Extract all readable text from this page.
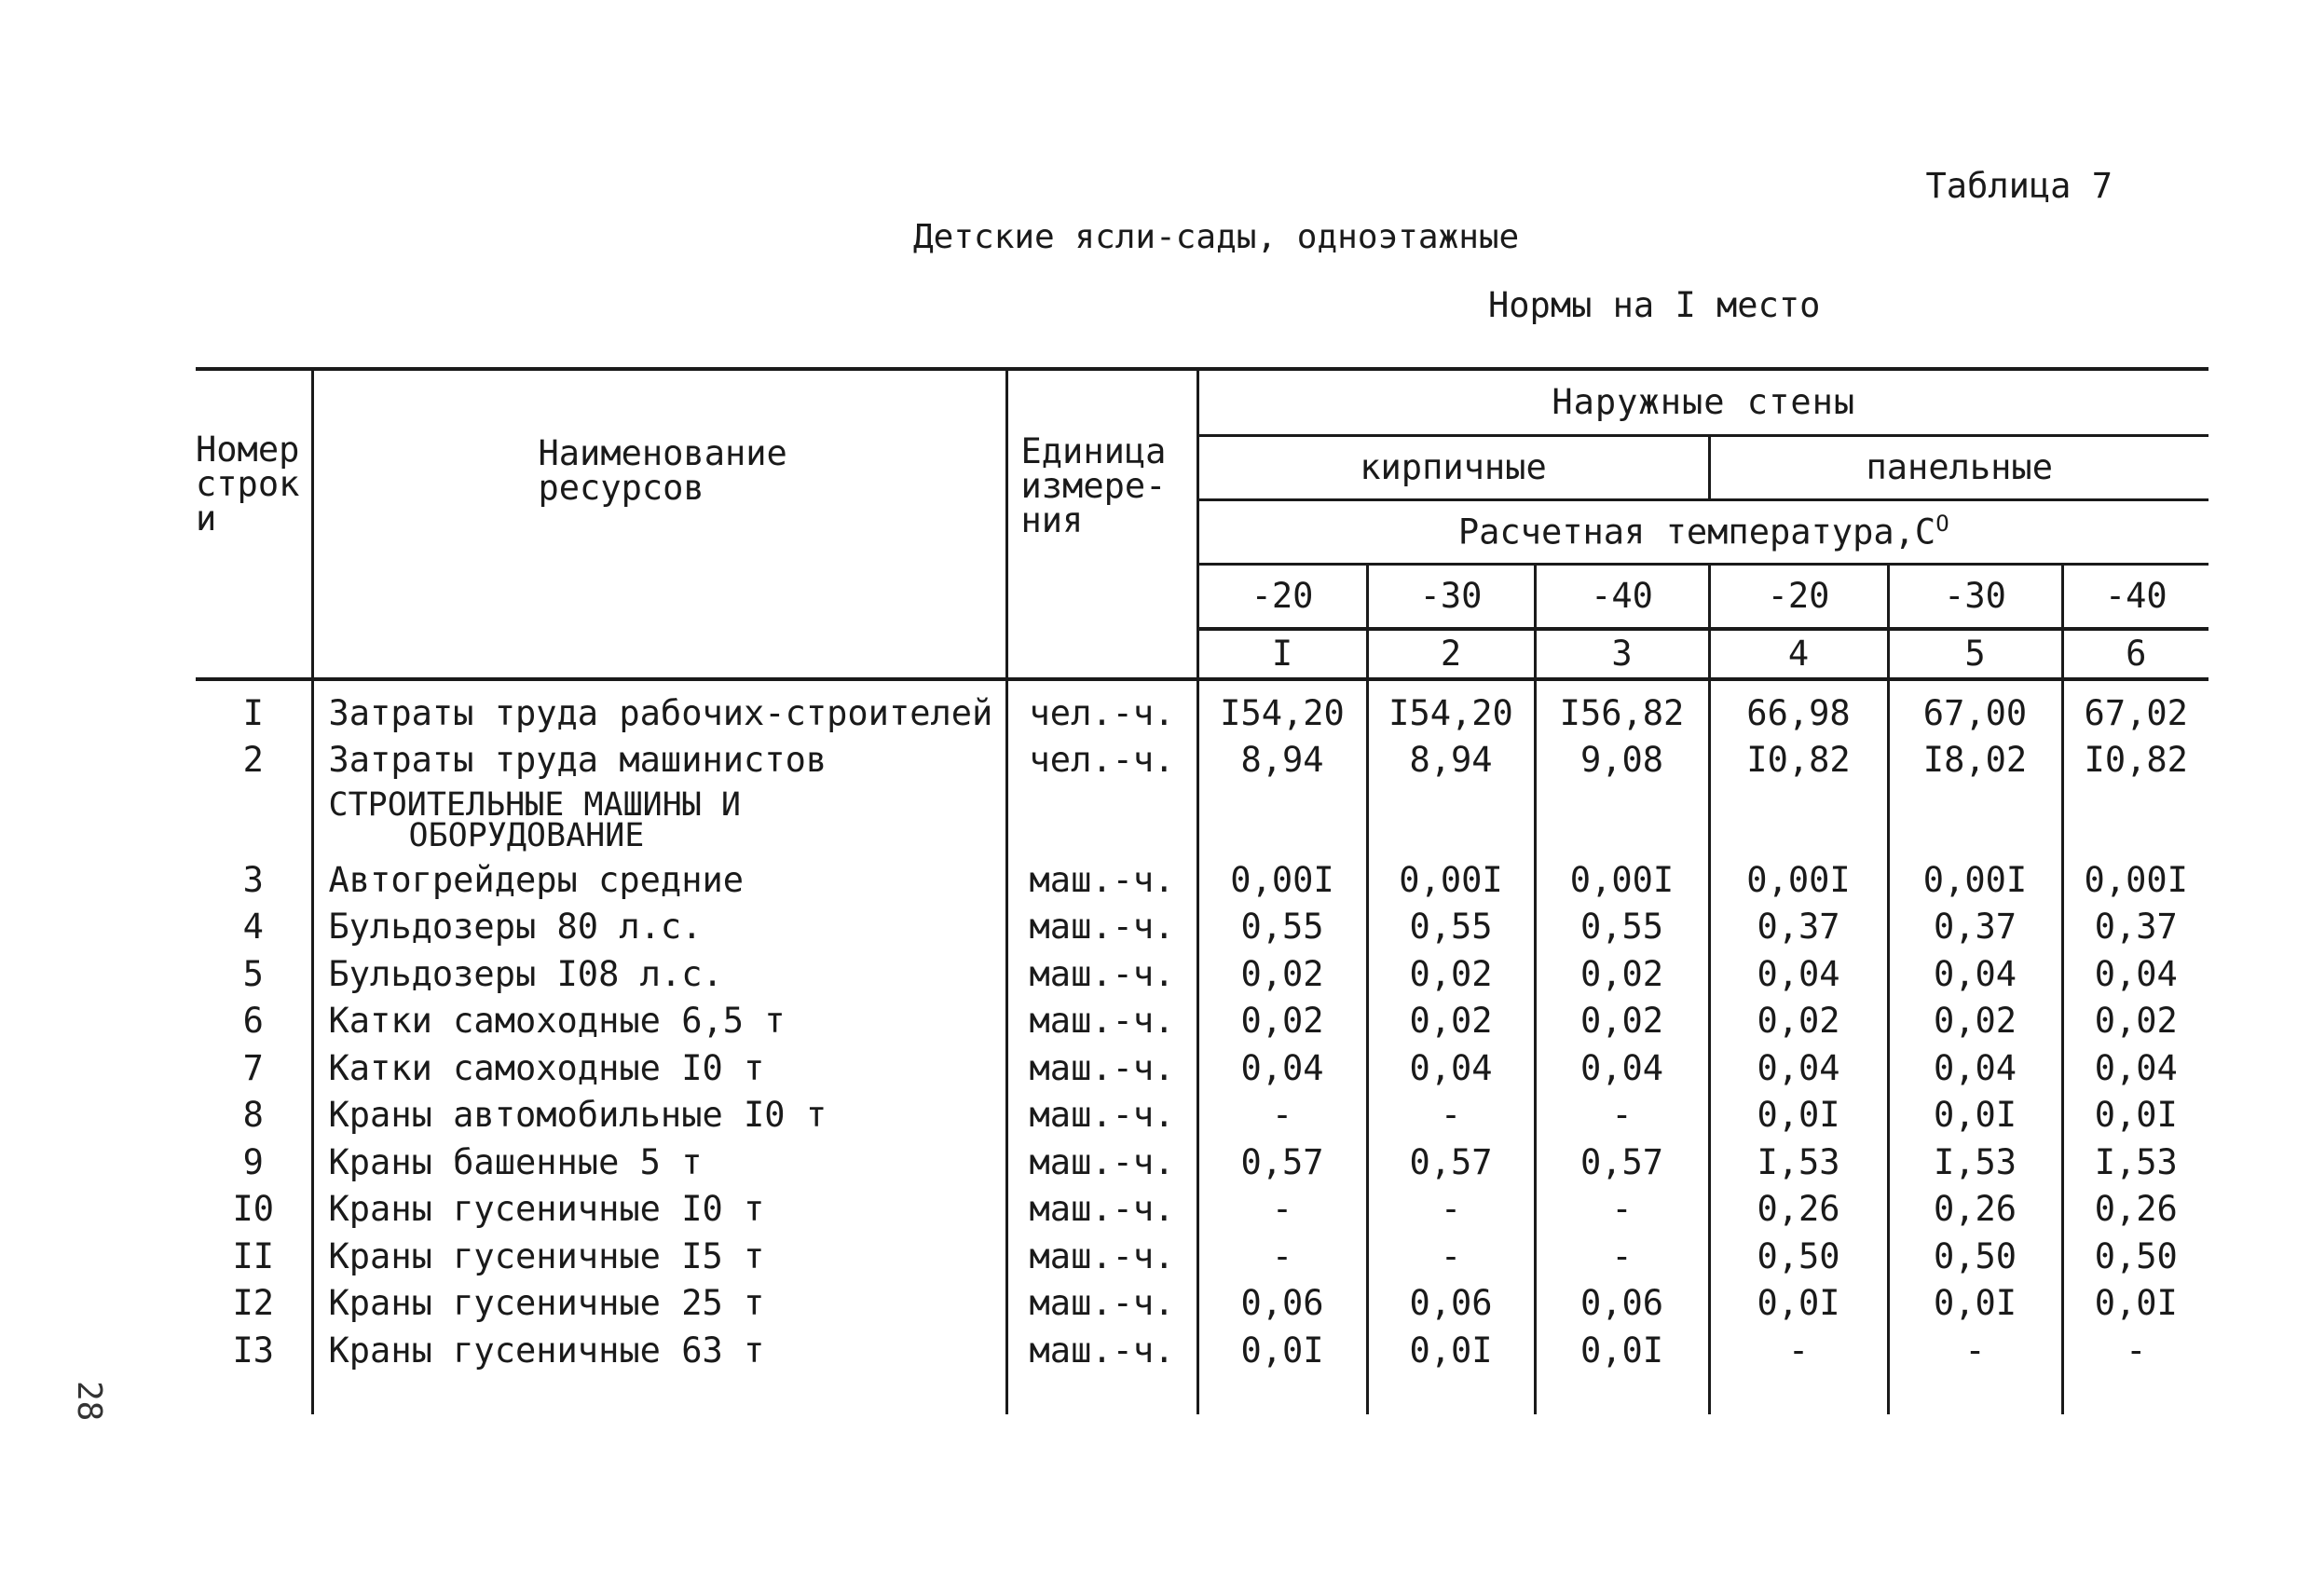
Таблица 7
Детские ясли-сады, одноэтажные
Нормы на I место
Номер строки	Наименование ресурсов	Единица измере- ния	Наружные стены					
			кирпичные			панельные		
			Расчетная $температура,С^O$
			-20	-30	-40	-20	-30	-40
			I	2	3	4	5	6

I	Затраты труда рабочих-строителей	чел.-ч.	I54,20	I54,20	I56,82	66,98	67,00	67,02
2	Затраты труда машинистов	чел.-ч.	8,94	8,94	9,08	I0,82	I8,02	I0,82

	СТРОИТЕЛЬНЫЕ МАШИНЫ И
ОБОРУДОВАНИЕ							

3	Автогрейдеры средние	маш.-ч.	0,00I	0,00I	0,00I	0,00I	0,00I	0,00I
4	Бульдозеры 80 л.с.	маш.-ч.	0,55	0,55	0,55	0,37	0,37	0,37
5	Бульдозеры I08 л.с.	маш.-ч.	0,02	0,02	0,02	0,04	0,04	0,04
6	Катки самоходные 6,5 т	маш.-ч.	0,02	0,02	0,02	0,02	0,02	0,02
7	Катки самоходные I0 т	маш.-ч.	0,04	0,04	0,04	0,04	0,04	0,04
8	Краны автомобильные I0 т	маш.-ч.	-	-	-	0,0I	0,0I	0,0I
9	Краны башенные 5 т	маш.-ч.	0,57	0,57	0,57	I,53	I,53	I,53
I0	Краны гусеничные I0 т	маш.-ч.	-	-	-	0,26	0,26	0,26
II	Краны гусеничные I5 т	маш.-ч.	-	-	-	0,50	0,50	0,50
I2	Краны гусеничные 25 т	маш.-ч.	0,06	0,06	0,06	0,0I	0,0I	0,0I
I3	Краны гусеничные 63 т	маш.-ч.	0,0I	0,0I	0,0I	-	-	-

28
